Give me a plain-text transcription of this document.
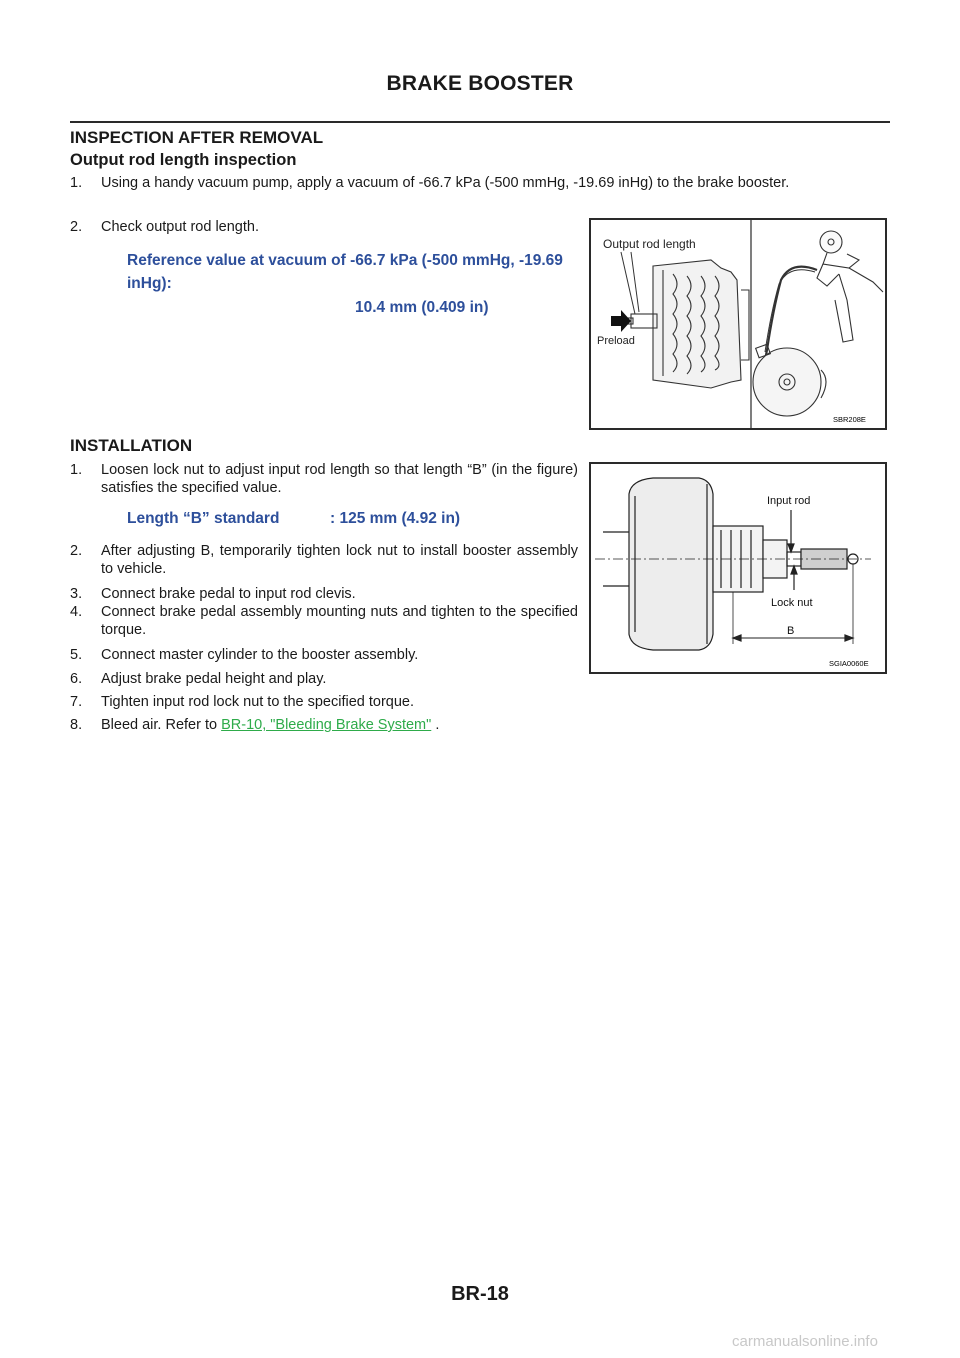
BRAKE BOOSTER
INSPECTION AFTER REMOVAL
Output rod length inspection
1. Using a handy vacuum pump, apply a vacuum of -66.7 kPa (-500 mmHg, -19.69 inHg) to the brake booster.
2. Check output rod length.
Reference value at vacuum of -66.7 kPa (-500 mmHg, -19.69 inHg):
10.4 mm (0.409 in)
Output rod length
Preload
SBR208E
INSTALLATION
1. Loosen lock nut to adjust input rod length so that length “B” (in the figure) satisfies the specified value.
Length “B” standard	: 125 mm (4.92 in)
2. After adjusting B, temporarily tighten lock nut to install booster assembly to vehicle.
3. Connect brake pedal to input rod clevis.
4. Connect brake pedal assembly mounting nuts and tighten to the specified torque.
5. Connect master cylinder to the booster assembly.
6. Adjust brake pedal height and play.
7. Tighten input rod lock nut to the specified torque.
8. Bleed air. Refer to BR-10, "Bleeding Brake System" .
Input rod
Lock nut
B
SGIA0060E
BR-18
carmanualsonline.info
